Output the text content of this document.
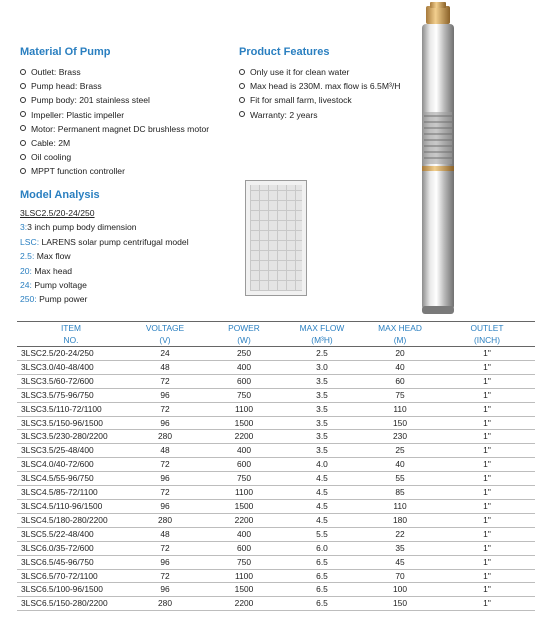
Material Of Pump
Outlet: Brass
Pump head: Brass
Pump body: 201 stainless steel
Impeller: Plastic impeller
Motor: Permanent magnet DC brushless motor
Cable: 2M
Oil cooling
MPPT function controller
Product Features
Only use it for clean water
Max head is 230M. max flow is 6.5M³/H
Fit for small farm, livestock
Warranty: 2 years
Model Analysis
3LSC2.5/20-24/250
3:3 inch pump body dimension
LSC: LARENS solar pump centrifugal model
2.5: Max flow
20: Max head
24: Pump voltage
250: Pump power
ITEM	VOLTAGE	POWER	MAX FLOW	MAX HEAD	OUTLET
NO.	(V)	(W)	(M³H)	(M)	(INCH)
3LSC2.5/20-24/250	24	250	2.5	20	1"
3LSC3.0/40-48/400	48	400	3.0	40	1"
3LSC3.5/60-72/600	72	600	3.5	60	1"
3LSC3.5/75-96/750	96	750	3.5	75	1"
3LSC3.5/110-72/1100	72	1100	3.5	110	1"
3LSC3.5/150-96/1500	96	1500	3.5	150	1"
3LSC3.5/230-280/2200	280	2200	3.5	230	1"
3LSC3.5/25-48/400	48	400	3.5	25	1"
3LSC4.0/40-72/600	72	600	4.0	40	1"
3LSC4.5/55-96/750	96	750	4.5	55	1"
3LSC4.5/85-72/1100	72	1100	4.5	85	1"
3LSC4.5/110-96/1500	96	1500	4.5	110	1"
3LSC4.5/180-280/2200	280	2200	4.5	180	1"
3LSC5.5/22-48/400	48	400	5.5	22	1"
3LSC6.0/35-72/600	72	600	6.0	35	1"
3LSC6.5/45-96/750	96	750	6.5	45	1"
3LSC6.5/70-72/1100	72	1100	6.5	70	1"
3LSC6.5/100-96/1500	96	1500	6.5	100	1"
3LSC6.5/150-280/2200	280	2200	6.5	150	1"
